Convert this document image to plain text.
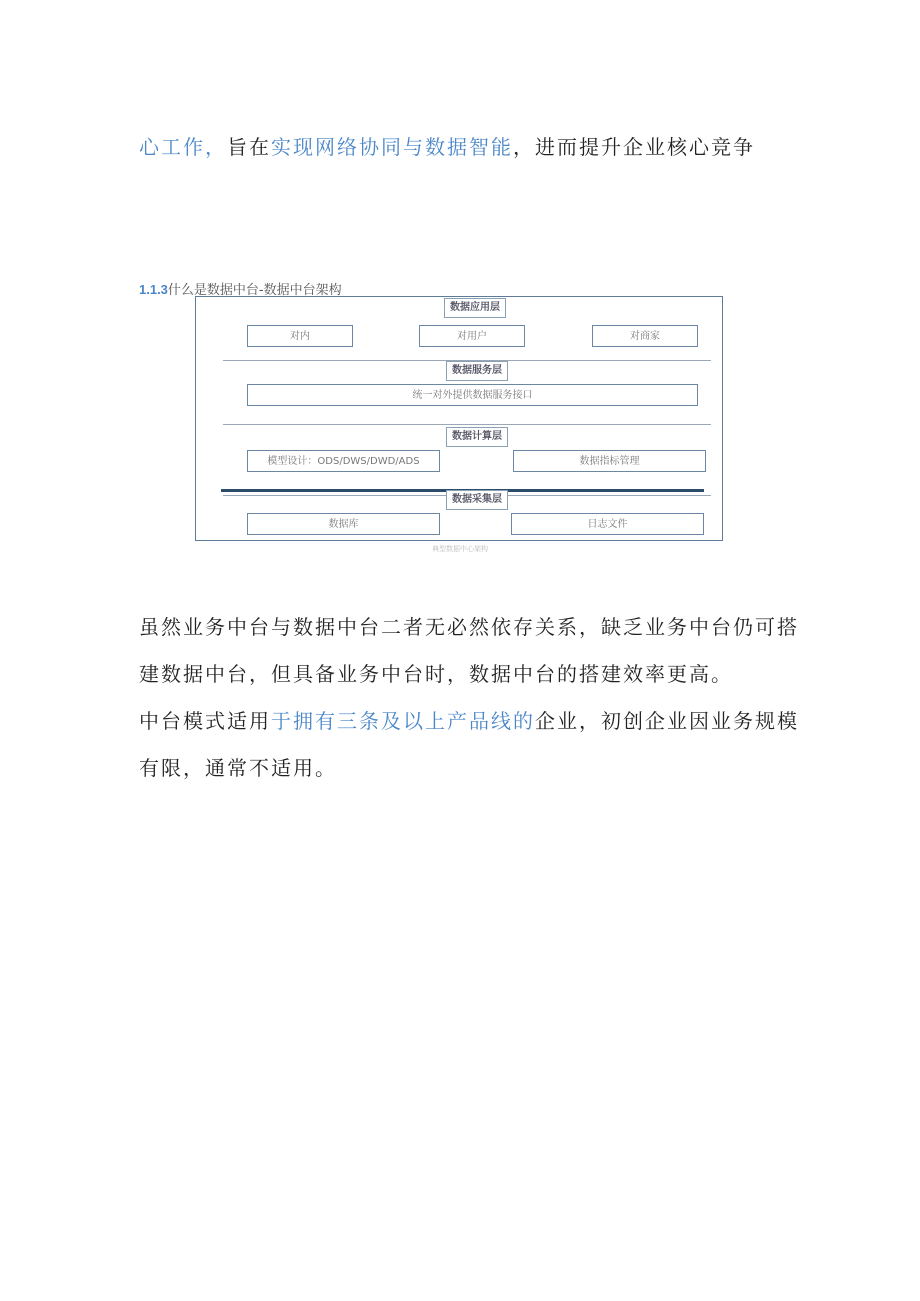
心工作，旨在实现网络协同与数据智能，进而提升企业核心竞争
1.1.3什么是数据中台-数据中台架构
数据应用层
对内	对用户	对商家
数据服务层
统一对外提供数据服务接口
数据计算层
模型设计：ODS/DWS/DWD/ADS	数据指标管理
数据采集层
数据库	日志文件
典型数据中心架构
虽然业务中台与数据中台二者无必然依存关系，缺乏业务中台仍可搭
建数据中台，但具备业务中台时，数据中台的搭建效率更高。
中台模式适用于拥有三条及以上产品线的企业，初创企业因业务规模
有限，通常不适用。
